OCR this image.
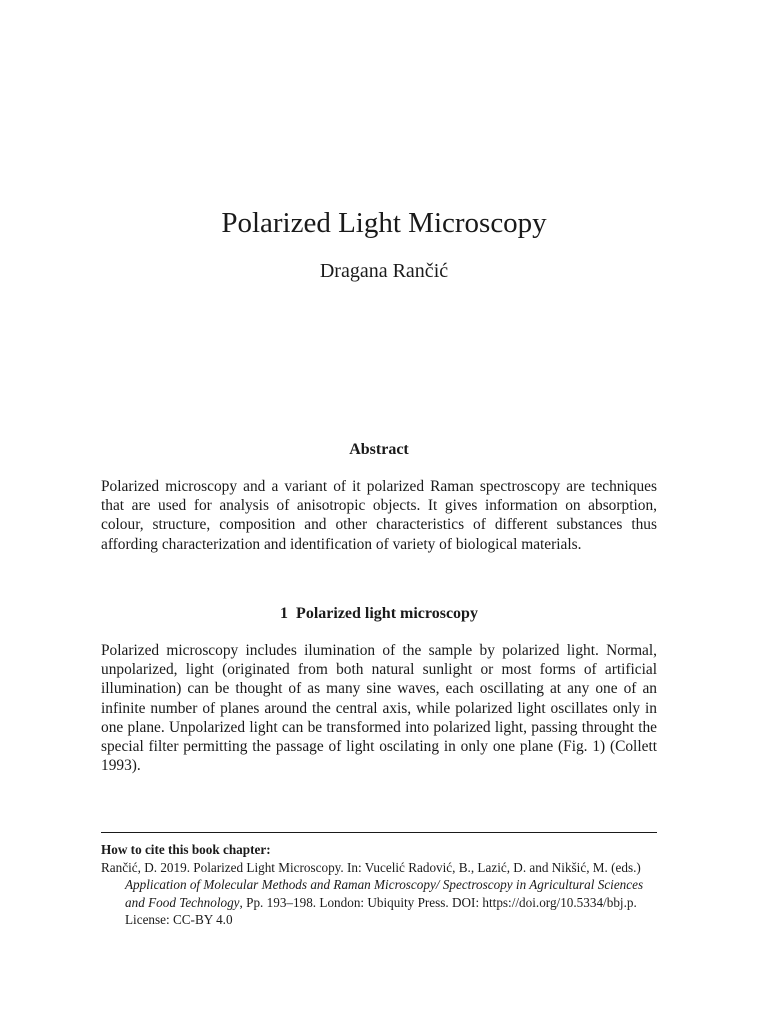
Polarized Light Microscopy

Dragana Rančić

Abstract

Polarized microscopy and a variant of it polarized Raman spectroscopy are techniques that are used for analysis of anisotropic objects. It gives information on absorption, colour, structure, composition and other characteristics of different substances thus affording characterization and identification of variety of biological materials.

1 Polarized light microscopy

Polarized microscopy includes ilumination of the sample by polarized light. Normal, unpolarized, light (originated from both natural sunlight or most forms of artificial illumination) can be thought of as many sine waves, each oscillating at any one of an infinite number of planes around the central axis, while polarized light oscillates only in one plane. Unpolarized light can be transformed into polarized light, passing throught the special filter permitting the passage of light oscilating in only one plane (Fig. 1) (Collett 1993).

How to cite this book chapter:

Rančić, D. 2019. Polarized Light Microscopy. In: Vucelić Radović, B., Lazić, D. and Nikšić, M. (eds.) Application of Molecular Methods and Raman Microscopy/ Spectroscopy in Agricultural Sciences and Food Technology, Pp. 193–198. London: Ubiquity Press. DOI: https://doi.org/10.5334/bbj.p. License: CC-BY 4.0
